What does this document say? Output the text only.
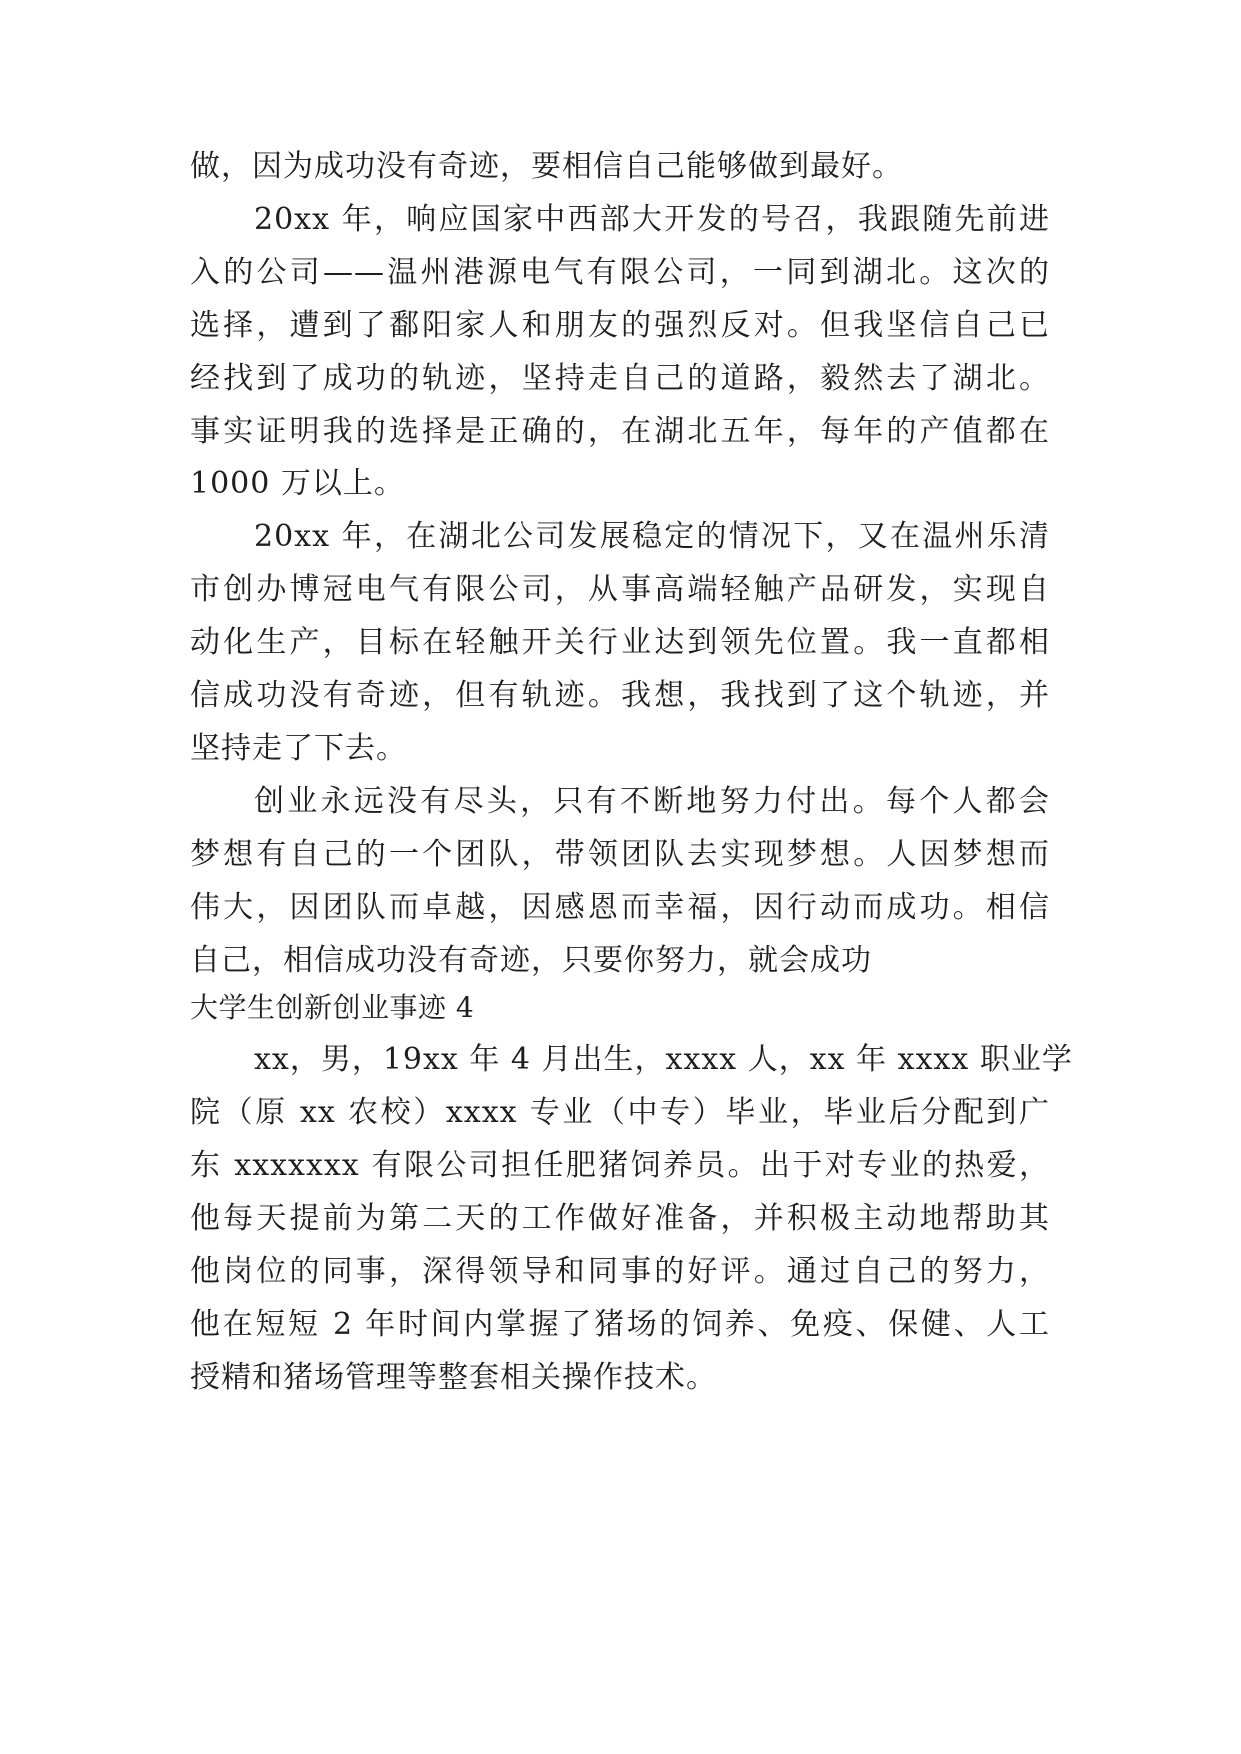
做，因为成功没有奇迹，要相信自己能够做到最好。
20xx 年，响应国家中西部大开发的号召，我跟随先前进
入的公司——温州港源电气有限公司，一同到湖北。这次的
选择，遭到了鄱阳家人和朋友的强烈反对。但我坚信自己已
经找到了成功的轨迹，坚持走自己的道路，毅然去了湖北。
事实证明我的选择是正确的，在湖北五年，每年的产值都在
1000 万以上。
20xx 年，在湖北公司发展稳定的情况下，又在温州乐清
市创办博冠电气有限公司，从事高端轻触产品研发，实现自
动化生产，目标在轻触开关行业达到领先位置。我一直都相
信成功没有奇迹，但有轨迹。我想，我找到了这个轨迹，并
坚持走了下去。
创业永远没有尽头，只有不断地努力付出。每个人都会
梦想有自己的一个团队，带领团队去实现梦想。人因梦想而
伟大，因团队而卓越，因感恩而幸福，因行动而成功。相信
自己，相信成功没有奇迹，只要你努力，就会成功
大学生创新创业事迹 4
xx，男，19xx 年 4 月出生，xxxx 人，xx 年 xxxx 职业学
院（原 xx 农校）xxxx 专业（中专）毕业，毕业后分配到广
东 xxxxxxx 有限公司担任肥猪饲养员。出于对专业的热爱，
他每天提前为第二天的工作做好准备，并积极主动地帮助其
他岗位的同事，深得领导和同事的好评。通过自己的努力，
他在短短 2 年时间内掌握了猪场的饲养、免疫、保健、人工
授精和猪场管理等整套相关操作技术。
